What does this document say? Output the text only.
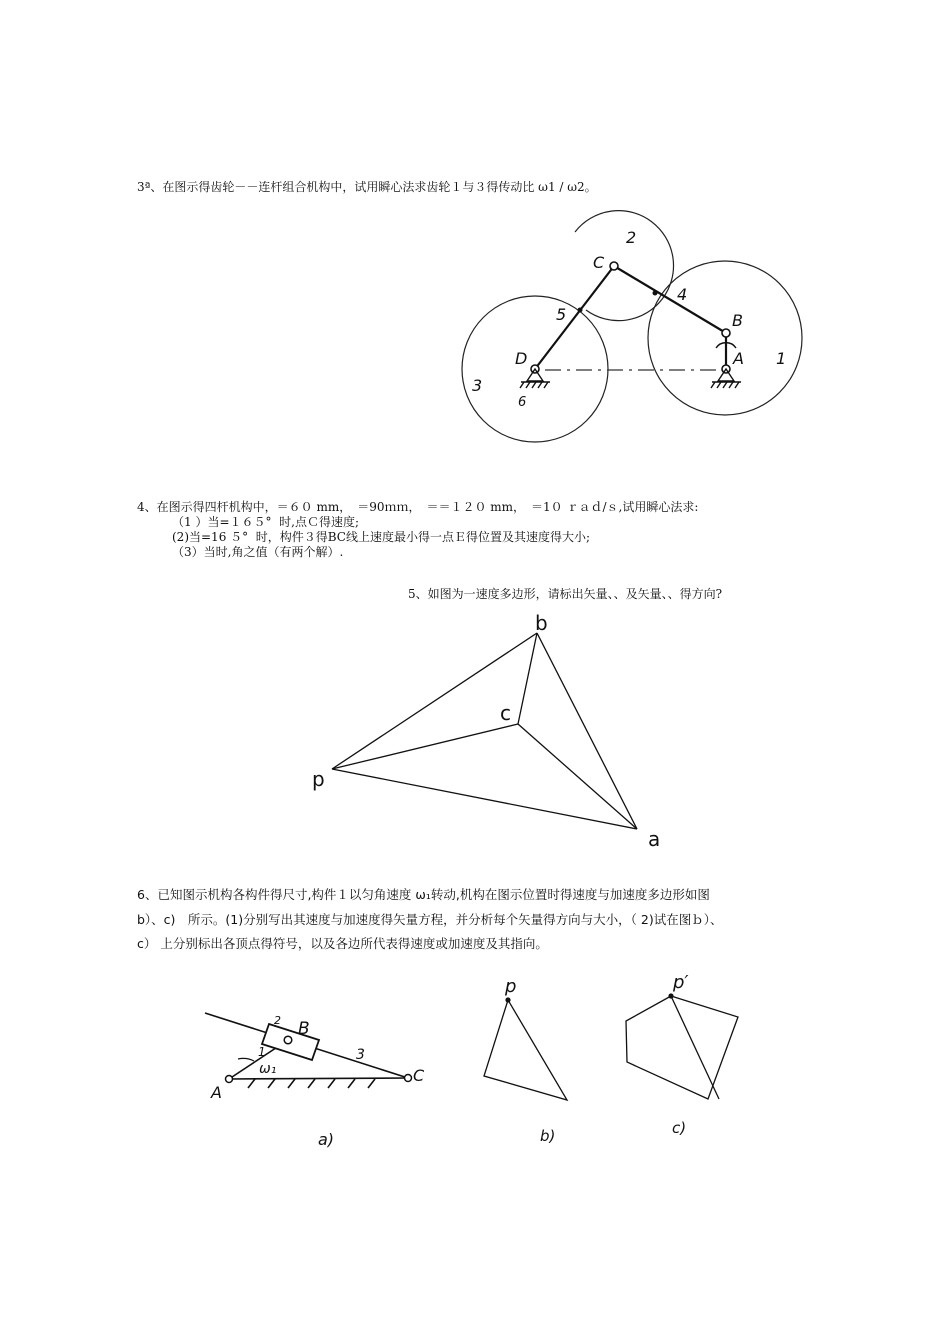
3ª、在图示得齿轮－－连杆组合机构中，试用瞬心法求齿轮１与３得传动比 ω1 / ω2。
C
B
D	A 1
2
3
4
5
6
4、在图示得四杆机构中，＝６０ mm，　＝90ｍｍ，　＝＝１２０ mm，　＝1０ ｒａｄ/ｓ,试用瞬心法求:
（1 ）当=１６５°  时,点Ｃ得速度;
(2)当=16 ５°  时，构件３得BC线上速度最小得一点Ｅ得位置及其速度得大小;
（3）当时,角之值（有两个解）.
5、如图为一速度多边形，请标出矢量、、及矢量、、得方向?
b
c
p
a
6、已知图示机构各构件得尺寸,构件１以匀角速度 ω₁转动,机构在图示位置时得速度与加速度多边形如图
b）、c)　所示。(1)分别写出其速度与加速度得矢量方程，并分析每个矢量得方向与大小，（ 2)试在图ｂ）、
c） 上分别标出各顶点得符号，以及各边所代表得速度或加速度及其指向。
B
2
3
1
ω₁
A
C
a)
p
b)
p′
c)
